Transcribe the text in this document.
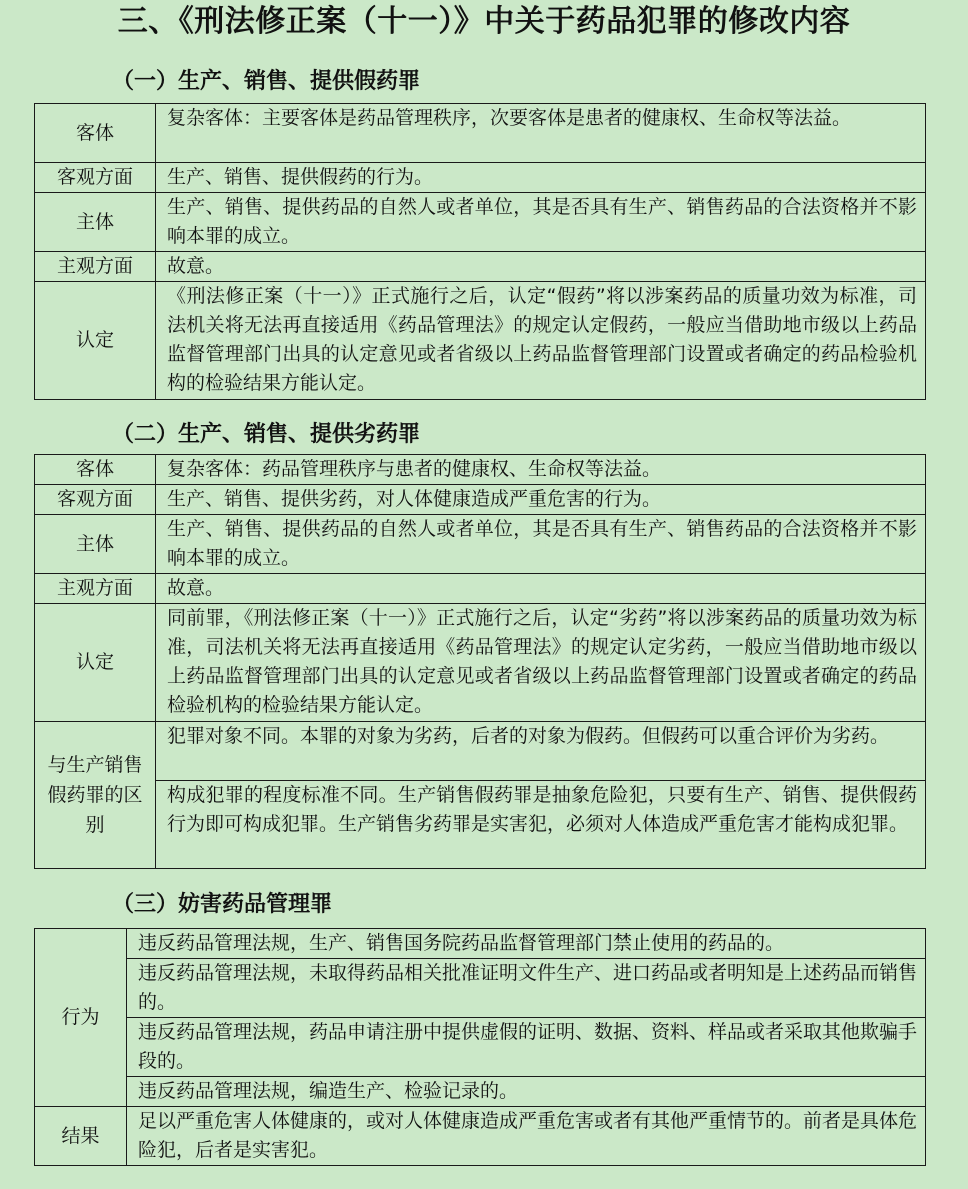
三、《刑法修正案（十一）》中关于药品犯罪的修改内容
（一）生产、销售、提供假药罪
客体	复杂客体：主要客体是药品管理秩序，次要客体是患者的健康权、生命权等法益。
客观方面	生产、销售、提供假药的行为。
主体	生产、销售、提供药品的自然人或者单位，其是否具有生产、销售药品的合法资格并不影响本罪的成立。
主观方面	故意。
认定	《刑法修正案（十一）》正式施行之后，认定“假药”将以涉案药品的质量功效为标准，司法机关将无法再直接适用《药品管理法》的规定认定假药，一般应当借助地市级以上药品监督管理部门出具的认定意见或者省级以上药品监督管理部门设置或者确定的药品检验机构的检验结果方能认定。
（二）生产、销售、提供劣药罪
客体	复杂客体：药品管理秩序与患者的健康权、生命权等法益。
客观方面	生产、销售、提供劣药，对人体健康造成严重危害的行为。
主体	生产、销售、提供药品的自然人或者单位，其是否具有生产、销售药品的合法资格并不影响本罪的成立。
主观方面	故意。
认定	同前罪，《刑法修正案（十一）》正式施行之后，认定“劣药”将以涉案药品的质量功效为标准，司法机关将无法再直接适用《药品管理法》的规定认定劣药，一般应当借助地市级以上药品监督管理部门出具的认定意见或者省级以上药品监督管理部门设置或者确定的药品检验机构的检验结果方能认定。
与生产销售假药罪的区别	犯罪对象不同。本罪的对象为劣药，后者的对象为假药。但假药可以重合评价为劣药。
	构成犯罪的程度标准不同。生产销售假药罪是抽象危险犯，只要有生产、销售、提供假药行为即可构成犯罪。生产销售劣药罪是实害犯，必须对人体造成严重危害才能构成犯罪。
（三）妨害药品管理罪
行为	违反药品管理法规，生产、销售国务院药品监督管理部门禁止使用的药品的。
	违反药品管理法规，未取得药品相关批准证明文件生产、进口药品或者明知是上述药品而销售的。
	违反药品管理法规，药品申请注册中提供虚假的证明、数据、资料、样品或者采取其他欺骗手段的。
	违反药品管理法规，编造生产、检验记录的。
结果	足以严重危害人体健康的，或对人体健康造成严重危害或者有其他严重情节的。前者是具体危险犯，后者是实害犯。
